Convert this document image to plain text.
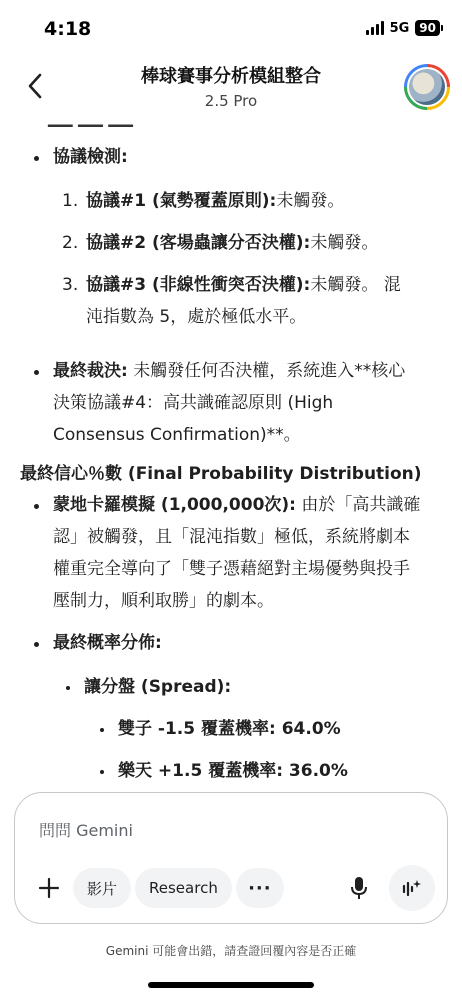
4:18	5G 90
棒球賽事分析模組整合
2.5 Pro
▁▁ ▁▁ ▁▁
協議檢測:
1. 協議#1 (氣勢覆蓋原則): 未觸發。
2. 協議#2 (客場蟲讓分否決權): 未觸發。
3. 協議#3 (非線性衝突否決權): 未觸發。 混
沌指數為 5，處於極低水平。
最終裁決: 未觸發任何否決權，系統進入**核心
決策協議#4：高共識確認原則 (High
Consensus Confirmation)**。
最終信心％數 (Final Probability Distribution)
蒙地卡羅模擬 (1,000,000次): 由於「高共識確
認」被觸發，且「混沌指數」極低，系統將劇本
權重完全導向了「雙子憑藉絕對主場優勢與投手
壓制力，順利取勝」的劇本。
最終概率分佈:
讓分盤 (Spread):
雙子 -1.5 覆蓋機率: 64.0%
樂天 +1.5 覆蓋機率: 36.0%
問問 Gemini
影片	Research	···
Gemini 可能會出錯，請查證回覆內容是否正確
